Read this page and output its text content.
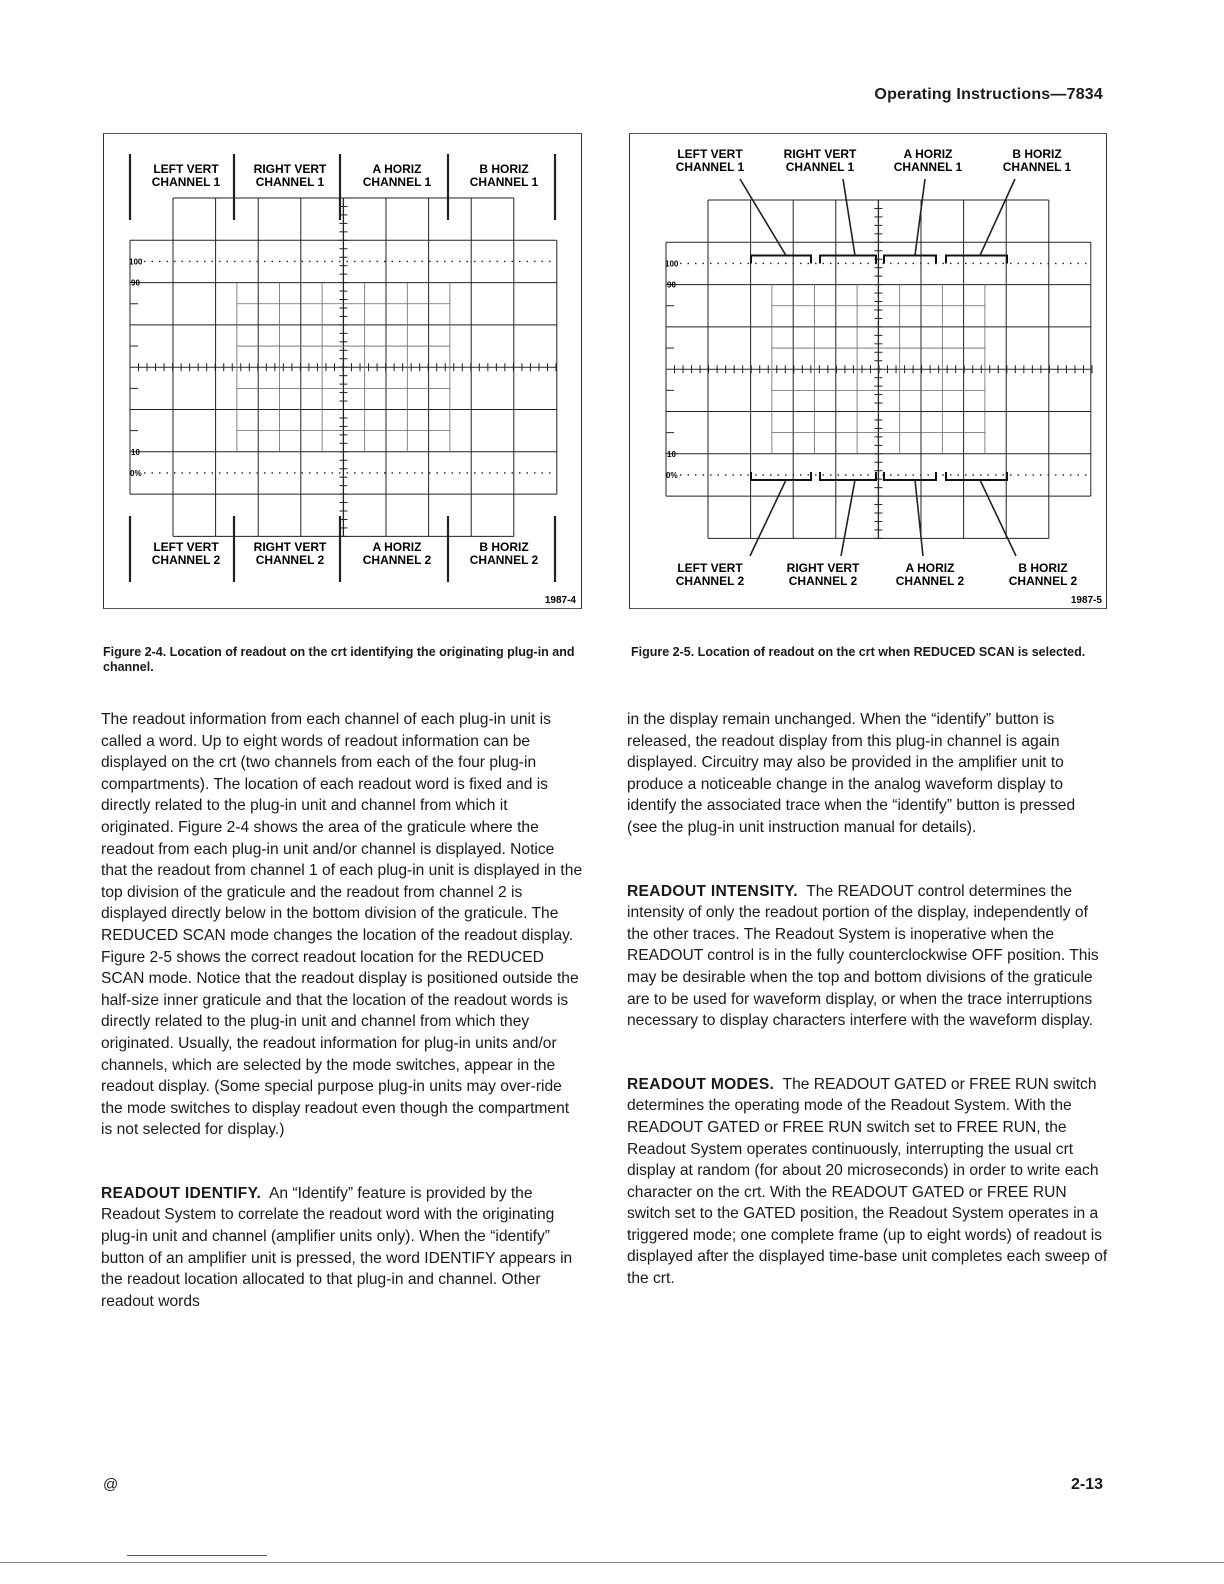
Operating Instructions—7834
100
90
10
0%
LEFT VERT
CHANNEL 1
RIGHT VERT
CHANNEL 1
A HORIZ
CHANNEL 1
B HORIZ
CHANNEL 1
LEFT VERT
CHANNEL 2
RIGHT VERT
CHANNEL 2
A HORIZ
CHANNEL 2
B HORIZ
CHANNEL 2
1987-4
Figure 2-4. Location of readout on the crt identifying the originating plug-in and channel.
100
90
10
0%
LEFT VERT
CHANNEL 1
RIGHT VERT
CHANNEL 1
A HORIZ
CHANNEL 1
B HORIZ
CHANNEL 1
LEFT VERT
CHANNEL 2
RIGHT VERT
CHANNEL 2
A HORIZ
CHANNEL 2
B HORIZ
CHANNEL 2
1987-5
Figure 2-5. Location of readout on the crt when REDUCED SCAN is selected.

The readout information from each channel of each plug-in unit is called a word. Up to eight words of readout information can be displayed on the crt (two channels from each of the four plug-in compartments). The location of each readout word is fixed and is directly related to the plug-in unit and channel from which it originated. Figure 2-4 shows the area of the graticule where the readout from each plug-in unit and/or channel is displayed. Notice that the readout from channel 1 of each plug-in unit is displayed in the top division of the graticule and the readout from channel 2 is displayed directly below in the bottom division of the graticule. The REDUCED SCAN mode changes the location of the readout display. Figure 2-5 shows the correct readout location for the REDUCED SCAN mode. Notice that the readout display is positioned outside the half-size inner graticule and that the location of the readout words is directly related to the plug-in unit and channel from which they originated. Usually, the readout information for plug-in units and/or channels, which are selected by the mode switches, appear in the readout display. (Some special purpose plug-in units may over-ride the mode switches to display readout even though the compartment is not selected for display.)

READOUT IDENTIFY. An “Identify” feature is provided by the Readout System to correlate the readout word with the originating plug-in unit and channel (amplifier units only). When the “identify” button of an amplifier unit is pressed, the word IDENTIFY appears in the readout location allocated to that plug-in and channel. Other readout words

in the display remain unchanged. When the “identify” button is released, the readout display from this plug-in channel is again displayed. Circuitry may also be provided in the amplifier unit to produce a noticeable change in the analog waveform display to identify the associated trace when the “identify” button is pressed (see the plug-in unit instruction manual for details).

READOUT INTENSITY. The READOUT control determines the intensity of only the readout portion of the display, independently of the other traces. The Readout System is inoperative when the READOUT control is in the fully counterclockwise OFF position. This may be desirable when the top and bottom divisions of the graticule are to be used for waveform display, or when the trace interruptions necessary to display characters interfere with the waveform display.

READOUT MODES. The READOUT GATED or FREE RUN switch determines the operating mode of the Readout System. With the READOUT GATED or FREE RUN switch set to FREE RUN, the Readout System operates continuously, interrupting the usual crt display at random (for about 20 microseconds) in order to write each character on the crt. With the READOUT GATED or FREE RUN switch set to the GATED position, the Readout System operates in a triggered mode; one complete frame (up to eight words) of readout is displayed after the displayed time-base unit completes each sweep of the crt.

@	2-13
